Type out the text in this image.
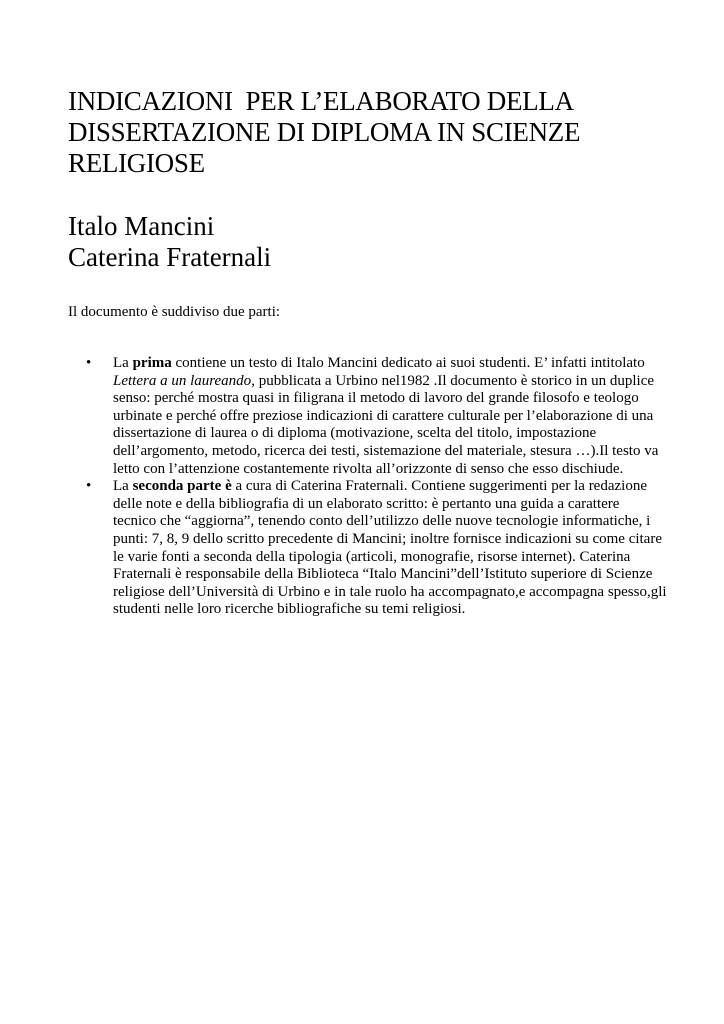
INDICAZIONI  PER L’ELABORATO DELLA
DISSERTAZIONE DI DIPLOMA IN SCIENZE
RELIGIOSE
Italo Mancini
Caterina Fraternali

Il documento è suddiviso due parti:

• La prima contiene un testo di Italo Mancini dedicato ai suoi studenti. E’ infatti intitolato
Lettera a un laureando, pubblicata a Urbino nel1982 .Il documento è storico in un duplice
senso: perché mostra quasi in filigrana il metodo di lavoro del grande filosofo e teologo
urbinate e perché offre preziose indicazioni di carattere culturale per l’elaborazione di una
dissertazione di laurea o di diploma (motivazione, scelta del titolo, impostazione
dell’argomento, metodo, ricerca dei testi, sistemazione del materiale, stesura …).Il testo va
letto con l’attenzione costantemente rivolta all’orizzonte di senso che esso dischiude.
• La seconda parte è a cura di Caterina Fraternali. Contiene suggerimenti per la redazione
delle note e della bibliografia di un elaborato scritto: è pertanto una guida a carattere
tecnico che “aggiorna”, tenendo conto dell’utilizzo delle nuove tecnologie informatiche, i
punti: 7, 8, 9 dello scritto precedente di Mancini; inoltre fornisce indicazioni su come citare
le varie fonti a seconda della tipologia (articoli, monografie, risorse internet). Caterina
Fraternali è responsabile della Biblioteca “Italo Mancini”dell’Istituto superiore di Scienze
religiose dell’Università di Urbino e in tale ruolo ha accompagnato,e accompagna spesso,gli
studenti nelle loro ricerche bibliografiche su temi religiosi.
